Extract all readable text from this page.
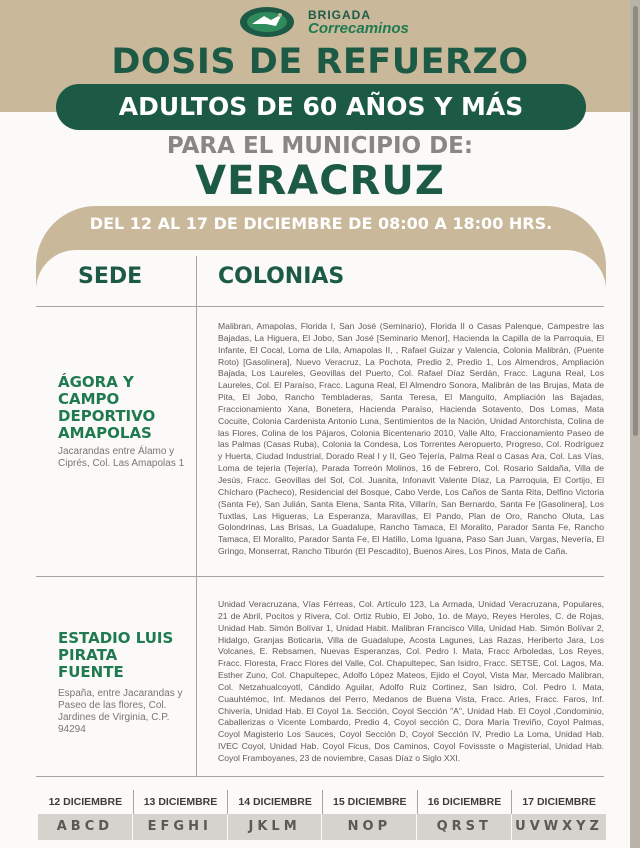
BRIGADA
Correcaminos
DOSIS DE REFUERZO
ADULTOS DE 60 AÑOS Y MÁS
PARA EL MUNICIPIO DE:
VERACRUZ
DEL 12 AL 17 DE DICIEMBRE DE 08:00 A 18:00 HRS.
SEDE	COLONIAS
ÁGORA Y CAMPO DEPORTIVO AMAPOLAS
Jacarandas entre Álamo y Ciprés, Col. Las Amapolas 1
Malibran, Amapolas, Florida I, San José (Seminario), Florida II o Casas Palenque, Campestre las Bajadas, La Higuera, El Jobo, San José [Seminario Menor], Hacienda la Capilla de la Parroquia, El Infante, El Cocal, Loma de Lila, Amapolas II, , Rafael Guizar y Valencia, Colonia Malibrán, (Puente Roto) [Gasolinera], Nuevo Veracruz, La Pochota, Predio 2, Predio 1, Los Almendros, Ampliación Bajada, Los Laureles, Geovillas del Puerto, Col. Rafael Díaz Serdán, Fracc. Laguna Real, Los Laureles, Col. El Paraíso, Fracc. Laguna Real, El Almendro Sonora, Malibrán de las Brujas, Mata de Pita, El Jobo, Rancho Tembladeras, Santa Teresa, El Manguito, Ampliación las Bajadas, Fraccionamiento Xana, Bonetera, Hacienda Paraíso, Hacienda Sotavento, Dos Lomas, Mata Cocuite, Colonia Cardenista Antonio Luna, Sentimientos de la Nación, Unidad Antorchista, Colina de las Flores, Colina de los Pájaros, Colonia Bicentenario 2010, Valle Alto, Fraccionamiento Paseo de las Palmas (Casas Ruba), Colonia la Condesa, Los Torrentes Aeropuerto, Progreso, Col. Rodríguez y Huerta, Ciudad Industrial, Dorado Real I y II, Geo Tejería, Palma Real o Casas Ara, Col. Las Vías, Loma de tejería (Tejería), Parada Torreón Molinos, 16 de Febrero, Col. Rosario Saldaña, Villa de Jesús, Fracc. Geovillas del Sol, Col. Juanita, Infonavit Valente Díaz, La Parroquia, El Cortijo, El Chícharo (Pacheco), Residencial del Bosque, Cabo Verde, Los Caños de Santa Rita, Delfino Victoria (Santa Fe), San Julián, Santa Elena, Santa Rita, Villarín, San Bernardo, Santa Fe [Gasolinera], Los Tuxtlas, Las Higueras, La Esperanza, Maravillas, El Pando, Plan de Oro, Rancho Oluta, Las Golondrinas, Las Brisas, La Guadalupe, Rancho Tamaca, El Moralito, Parador Santa Fe, Rancho Tamaca, El Moralito, Parador Santa Fe, El Hatillo, Loma Iguana, Paso San Juan, Vargas, Nevería, El Gringo, Monserrat, Rancho Tiburón (El Pescadito), Buenos Aires, Los Pinos, Mata de Caña.
ESTADIO LUIS PIRATA FUENTE
España, entre Jacarandas y Paseo de las flores, Col. Jardines de Virginia, C.P. 94294
Unidad Veracruzana, Vías Férreas, Col. Artículo 123, La Armada, Unidad Veracruzana, Populares, 21 de Abril, Pocitos y Rivera, Col. Ortiz Rubio, El Jobo, 1o. de Mayo, Reyes Heroles, C. de Rojas, Unidad Hab. Simón Bolívar 1, Unidad Habit. Malibran Francisco Villa, Unidad Hab. Simón Bolívar 2, Hidalgo, Granjas Boticaria, Villa de Guadalupe, Acosta Lagunes, Las Razas, Heriberto Jara, Los Volcanes, E. Rebsamen, Nuevas Esperanzas, Col. Pedro I. Mata, Fracc Arboledas, Los Reyes, Fracc. Floresta, Fracc Flores del Valle, Col. Chapultepec, San Isidro, Fracc. SETSE, Col. Lagos, Ma. Esther Zuno, Col. Chapultepec, Adolfo López Mateos, Ejido el Coyol, Vista Mar, Mercado Malibran, Col. Netzahualcoyotl, Cándido Aguilar, Adolfo Ruiz Cortinez, San Isidro, Col. Pedro I. Mata, Cuauhtémoc, Inf. Medanos del Perro, Medanos de Buena Vista, Fracc. Aries, Fracc. Faros, Inf. Chivería, Unidad Hab. El Coyol 1a. Sección, Coyol Sección "A", Unidad Hab. El Coyol ,Condominio, Caballerizas o Vicente Lombardo, Predio 4, Coyol sección C, Dora María Treviño, Coyol Palmas, Coyol Magisterio Los Sauces, Coyol Sección D, Coyol Sección IV, Predio La Loma, Unidad Hab. IVEC Coyol, Unidad Hab. Coyol Ficus, Dos Caminos, Coyol Fovissste o Magisterial, Unidad Hab. Coyol Framboyanes, 23 de noviembre, Casas Díaz o Siglo XXI.
12 DICIEMBRE	13 DICIEMBRE	14 DICIEMBRE	15 DICIEMBRE	16 DICIEMBRE	17 DICIEMBRE
ABCD	EFGHI	JKLM	NOP	QRST	UVWXYZ
